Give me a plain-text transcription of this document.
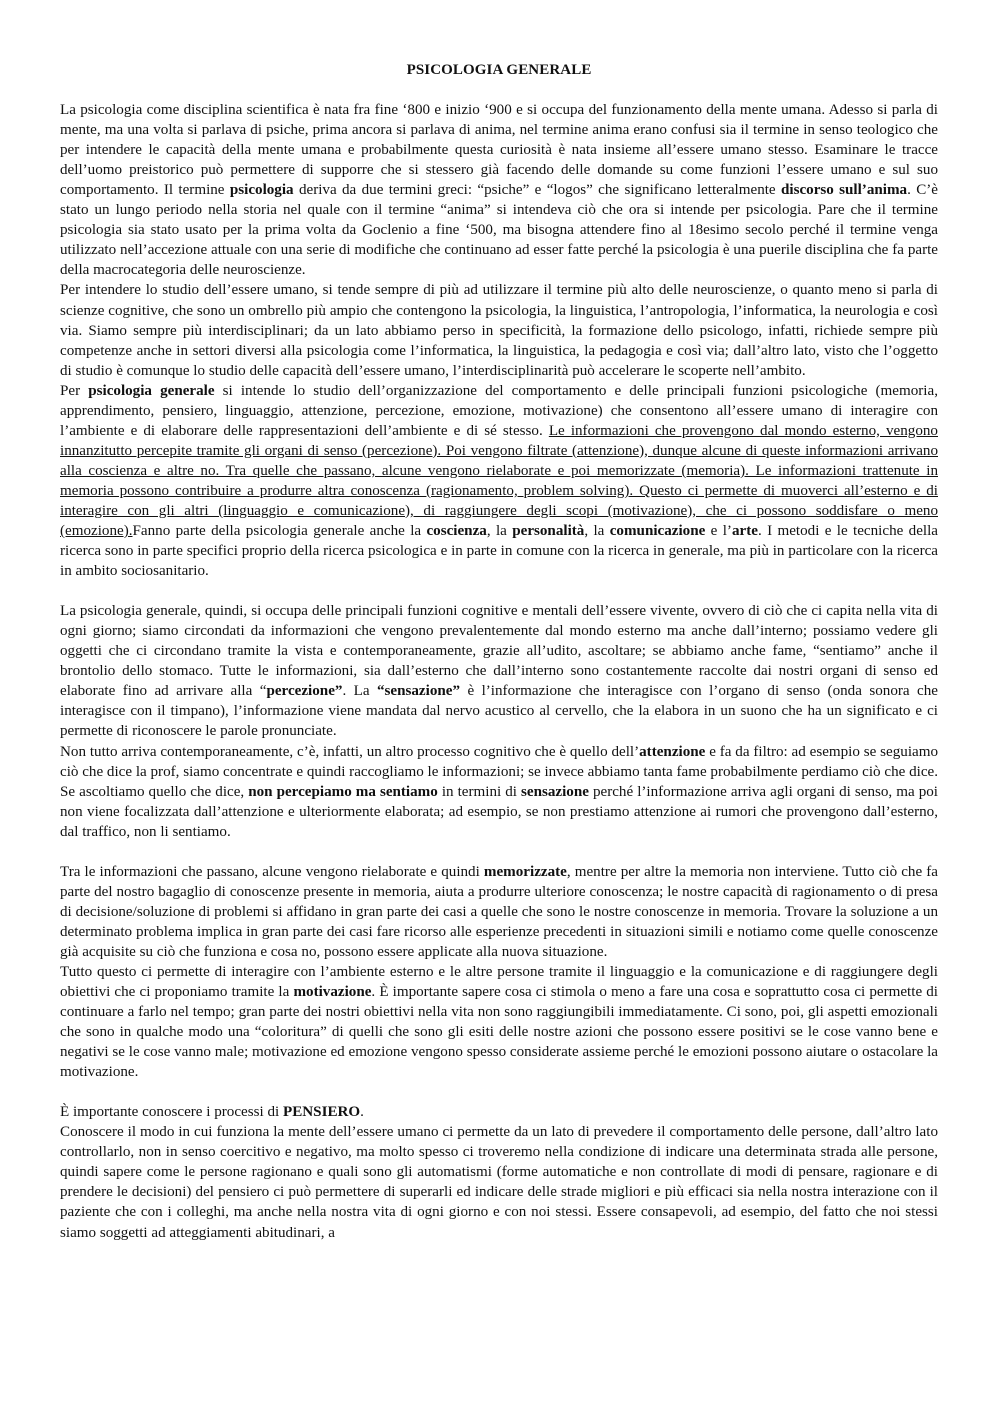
PSICOLOGIA GENERALE

La psicologia come disciplina scientifica è nata fra fine ‘800 e inizio ‘900 e si occupa del funzionamento della mente umana. Adesso si parla di mente, ma una volta si parlava di psiche, prima ancora si parlava di anima, nel termine anima erano confusi sia il termine in senso teologico che per intendere le capacità della mente umana e probabilmente questa curiosità è nata insieme all’essere umano stesso. Esaminare le tracce dell’uomo preistorico può permettere di supporre che si stessero già facendo delle domande su come funzioni l’essere umano e sul suo comportamento. Il termine psicologia deriva da due termini greci: “psiche” e “logos” che significano letteralmente discorso sull’anima. C’è stato un lungo periodo nella storia nel quale con il termine “anima” si intendeva ciò che ora si intende per psicologia. Pare che il termine psicologia sia stato usato per la prima volta da Goclenio a fine ‘500, ma bisogna attendere fino al 18esimo secolo perché il termine venga utilizzato nell’accezione attuale con una serie di modifiche che continuano ad esser fatte perché la psicologia è una puerile disciplina che fa parte della macrocategoria delle neuroscienze.

Per intendere lo studio dell’essere umano, si tende sempre di più ad utilizzare il termine più alto delle neuroscienze, o quanto meno si parla di scienze cognitive, che sono un ombrello più ampio che contengono la psicologia, la linguistica, l’antropologia, l’informatica, la neurologia e così via. Siamo sempre più interdisciplinari; da un lato abbiamo perso in specificità, la formazione dello psicologo, infatti, richiede sempre più competenze anche in settori diversi alla psicologia come l’informatica, la linguistica, la pedagogia e così via; dall’altro lato, visto che l’oggetto di studio è comunque lo studio delle capacità dell’essere umano, l’interdisciplinarità può accelerare le scoperte nell’ambito.

Per psicologia generale si intende lo studio dell’organizzazione del comportamento e delle principali funzioni psicologiche (memoria, apprendimento, pensiero, linguaggio, attenzione, percezione, emozione, motivazione) che consentono all’essere umano di interagire con l’ambiente e di elaborare delle rappresentazioni dell’ambiente e di sé stesso. Le informazioni che provengono dal mondo esterno, vengono innanzitutto percepite tramite gli organi di senso (percezione). Poi vengono filtrate (attenzione), dunque alcune di queste informazioni arrivano alla coscienza e altre no. Tra quelle che passano, alcune vengono rielaborate e poi memorizzate (memoria). Le informazioni trattenute in memoria possono contribuire a produrre altra conoscenza (ragionamento, problem solving). Questo ci permette di muoverci all’esterno e di interagire con gli altri (linguaggio e comunicazione), di raggiungere degli scopi (motivazione), che ci possono soddisfare o meno (emozione).Fanno parte della psicologia generale anche la coscienza, la personalità, la comunicazione e l’arte. I metodi e le tecniche della ricerca sono in parte specifici proprio della ricerca psicologica e in parte in comune con la ricerca in generale, ma più in particolare con la ricerca in ambito sociosanitario.

La psicologia generale, quindi, si occupa delle principali funzioni cognitive e mentali dell’essere vivente, ovvero di ciò che ci capita nella vita di ogni giorno; siamo circondati da informazioni che vengono prevalentemente dal mondo esterno ma anche dall’interno; possiamo vedere gli oggetti che ci circondano tramite la vista e contemporaneamente, grazie all’udito, ascoltare; se abbiamo anche fame, “sentiamo” anche il brontolio dello stomaco. Tutte le informazioni, sia dall’esterno che dall’interno sono costantemente raccolte dai nostri organi di senso ed elaborate fino ad arrivare alla “percezione”. La “sensazione” è l’informazione che interagisce con l’organo di senso (onda sonora che interagisce con il timpano), l’informazione viene mandata dal nervo acustico al cervello, che la elabora in un suono che ha un significato e ci permette di riconoscere le parole pronunciate.

Non tutto arriva contemporaneamente, c’è, infatti, un altro processo cognitivo che è quello dell’attenzione e fa da filtro: ad esempio se seguiamo ciò che dice la prof, siamo concentrate e quindi raccogliamo le informazioni; se invece abbiamo tanta fame probabilmente perdiamo ciò che dice. Se ascoltiamo quello che dice, non percepiamo ma sentiamo in termini di sensazione perché l’informazione arriva agli organi di senso, ma poi non viene focalizzata dall’attenzione e ulteriormente elaborata; ad esempio, se non prestiamo attenzione ai rumori che provengono dall’esterno, dal traffico, non li sentiamo.

Tra le informazioni che passano, alcune vengono rielaborate e quindi memorizzate, mentre per altre la memoria non interviene. Tutto ciò che fa parte del nostro bagaglio di conoscenze presente in memoria, aiuta a produrre ulteriore conoscenza; le nostre capacità di ragionamento o di presa di decisione/soluzione di problemi si affidano in gran parte dei casi a quelle che sono le nostre conoscenze in memoria. Trovare la soluzione a un determinato problema implica in gran parte dei casi fare ricorso alle esperienze precedenti in situazioni simili e notiamo come quelle conoscenze già acquisite su ciò che funziona e cosa no, possono essere applicate alla nuova situazione.

Tutto questo ci permette di interagire con l’ambiente esterno e le altre persone tramite il linguaggio e la comunicazione e di raggiungere degli obiettivi che ci proponiamo tramite la motivazione. È importante sapere cosa ci stimola o meno a fare una cosa e soprattutto cosa ci permette di continuare a farlo nel tempo; gran parte dei nostri obiettivi nella vita non sono raggiungibili immediatamente. Ci sono, poi, gli aspetti emozionali che sono in qualche modo una “coloritura” di quelli che sono gli esiti delle nostre azioni che possono essere positivi se le cose vanno bene e negativi se le cose vanno male; motivazione ed emozione vengono spesso considerate assieme perché le emozioni possono aiutare o ostacolare la motivazione.

È importante conoscere i processi di PENSIERO.

Conoscere il modo in cui funziona la mente dell’essere umano ci permette da un lato di prevedere il comportamento delle persone, dall’altro lato controllarlo, non in senso coercitivo e negativo, ma molto spesso ci troveremo nella condizione di indicare una determinata strada alle persone, quindi sapere come le persone ragionano e quali sono gli automatismi (forme automatiche e non controllate di modi di pensare, ragionare e di prendere le decisioni) del pensiero ci può permettere di superarli ed indicare delle strade migliori e più efficaci sia nella nostra interazione con il paziente che con i colleghi, ma anche nella nostra vita di ogni giorno e con noi stessi. Essere consapevoli, ad esempio, del fatto che noi stessi siamo soggetti ad atteggiamenti abitudinari, a
